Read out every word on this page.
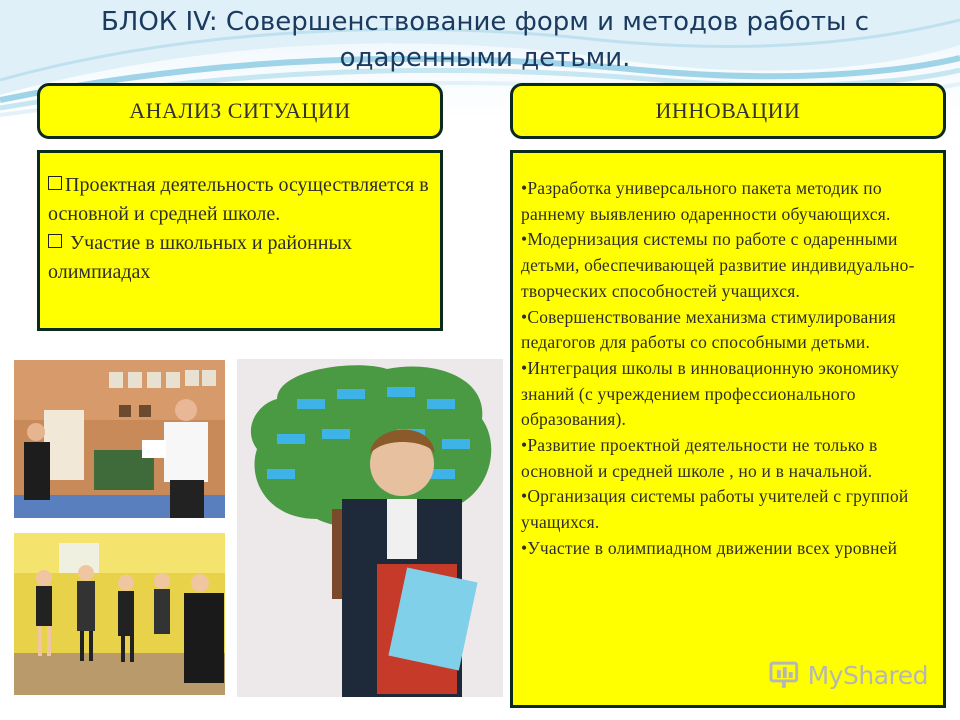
БЛОК IV: Совершенствование форм и методов работы с
одаренными детьми.
АНАЛИЗ СИТУАЦИИ	ИННОВАЦИИ
Проектная деятельность осуществляется в основной и средней школе.
Участие в школьных и районных олимпиадах
•Разработка универсального пакета методик по раннему выявлению одаренности обучающихся.
•Модернизация системы по работе с одаренными детьми, обеспечивающей развитие индивидуально-творческих способностей учащихся.
•Совершенствование механизма стимулирования педагогов для работы со способными детьми.
•Интеграция школы в инновационную экономику знаний (с учреждением профессионального образования).
•Развитие проектной деятельности не только в основной и средней школе , но и в начальной.
•Организация системы работы учителей с группой учащихся.
•Участие в олимпиадном движении всех уровней
MyShared
